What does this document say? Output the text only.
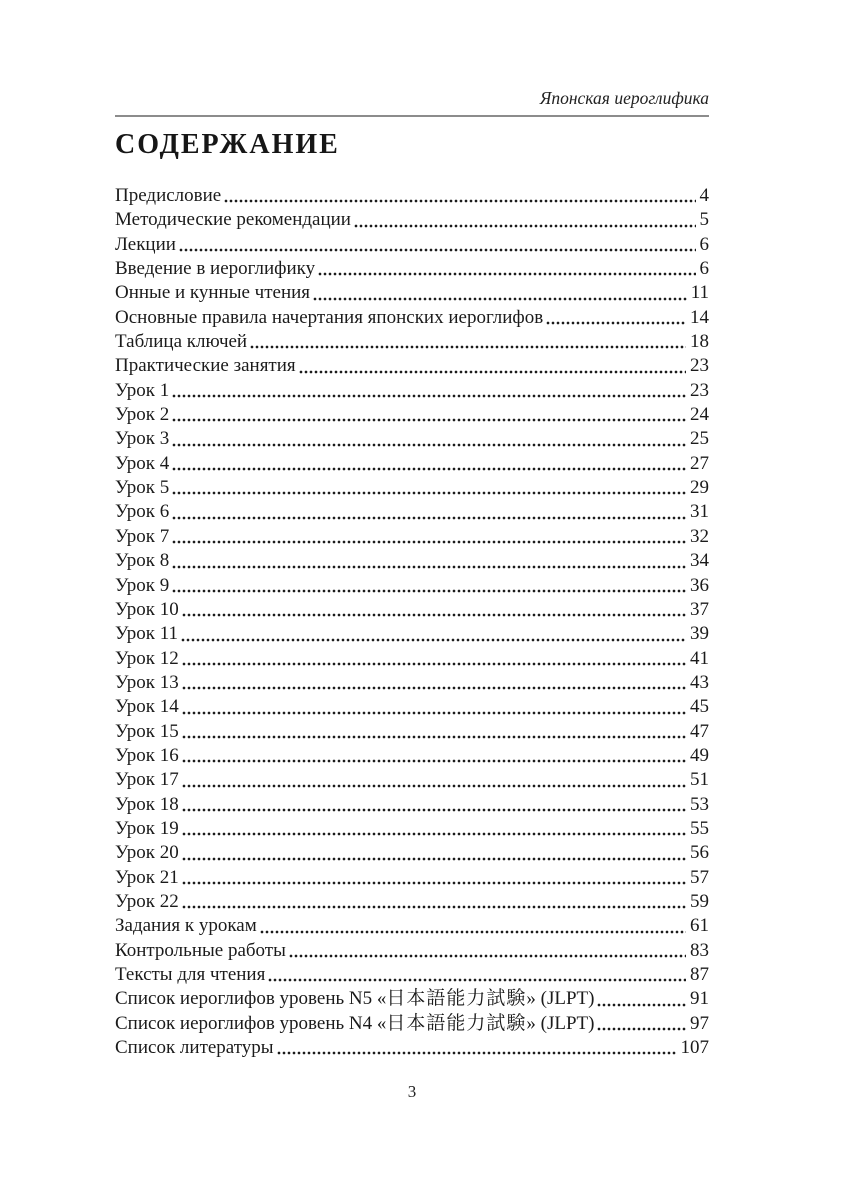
Японская иероглифика
СОДЕРЖАНИЕ
Предисловие	4
Методические рекомендации	5
Лекции	6
Введение в иероглифику	6
Онные и кунные чтения	11
Основные правила начертания японских иероглифов	14
Таблица ключей	18
Практические занятия	23
Урок 1	23
Урок 2	24
Урок 3	25
Урок 4	27
Урок 5	29
Урок 6	31
Урок 7	32
Урок 8	34
Урок 9	36
Урок 10	37
Урок 11	39
Урок 12	41
Урок 13	43
Урок 14	45
Урок 15	47
Урок 16	49
Урок 17	51
Урок 18	53
Урок 19	55
Урок 20	56
Урок 21	57
Урок 22	59
Задания к урокам	61
Контрольные работы	83
Тексты для чтения	87
Список иероглифов уровень N5 «日本語能力試験» (JLPT)	91
Список иероглифов уровень N4 «日本語能力試験» (JLPT)	97
Список литературы	107
3
